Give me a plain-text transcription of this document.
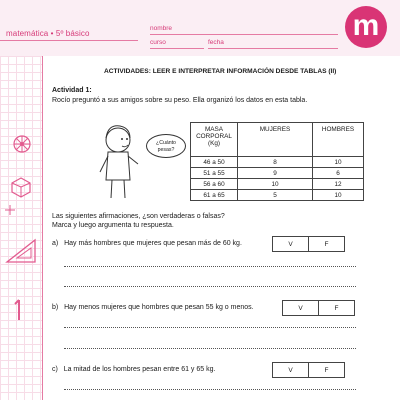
matemática • 5º básico
nombre
curso	fecha
m
ACTIVIDADES: LEER E INTERPRETAR INFORMACIÓN DESDE TABLAS (II)
Actividad 1:
Rocío preguntó a sus amigos sobre su peso. Ella organizó los datos en esta tabla.
¿Cuánto
pesas?
MASA CORPORAL (Kg)	MUJERES	HOMBRES
46 a 50	8	10
51 a 55	9	6
56 a 60	10	12
61 a 65	5	10
Las siguientes afirmaciones, ¿son verdaderas o falsas?
Marca y luego argumenta tu respuesta.
a) Hay más hombres que mujeres que pesan más de 60 kg.	V	F
b) Hay menos mujeres que hombres que pesan 55 kg o menos.	V	F
c) La mitad de los hombres pesan entre 61 y 65 kg.	V	F
